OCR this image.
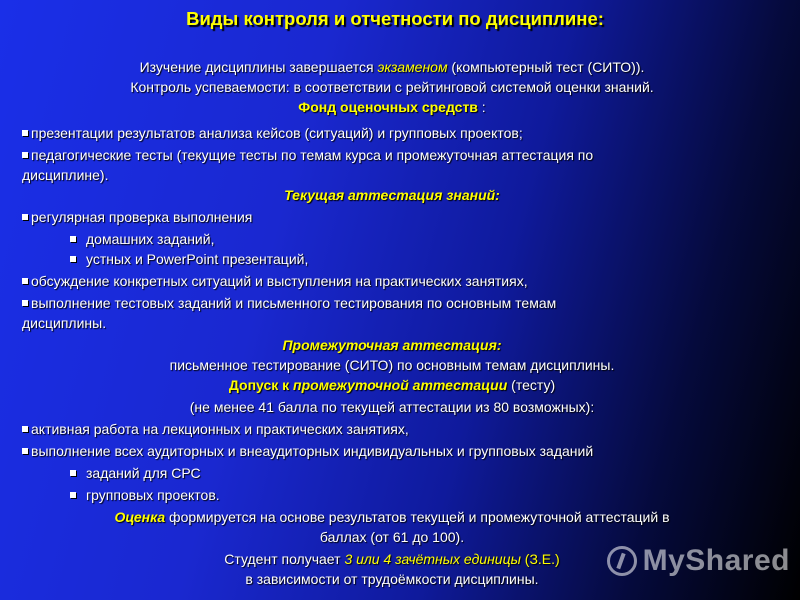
Виды контроля и отчетности по дисциплине:

Изучение дисциплины завершается экзаменом (компьютерный тест (СИТО)).

Контроль успеваемости: в соответствии с рейтинговой системой оценки знаний.

Фонд оценочных средств :

презентации результатов анализа кейсов (ситуаций) и групповых проектов;

педагогические тесты (текущие тесты по темам курса и промежуточная аттестация по

дисциплине).

Текущая аттестация знаний:

регулярная проверка выполнения

домашних заданий,

устных и PowerPoint презентаций,

обсуждение конкретных ситуаций и выступления на практических занятиях,

выполнение тестовых заданий и письменного тестирования по основным темам

дисциплины.

Промежуточная аттестация:

письменное тестирование (СИТО) по основным темам дисциплины.

Допуск к промежуточной аттестации (тесту)

(не менее 41 балла по текущей аттестации из 80 возможных):

активная работа на лекционных и практических занятиях,

выполнение всех аудиторных и внеаудиторных индивидуальных и групповых заданий

заданий для СРС

групповых проектов.

Оценка формируется на основе результатов текущей и промежуточной аттестаций в

баллах (от 61 до 100).

Студент получает 3 или 4 зачётных единицы (З.Е.)

в зависимости от трудоёмкости дисциплины.

MyShared
